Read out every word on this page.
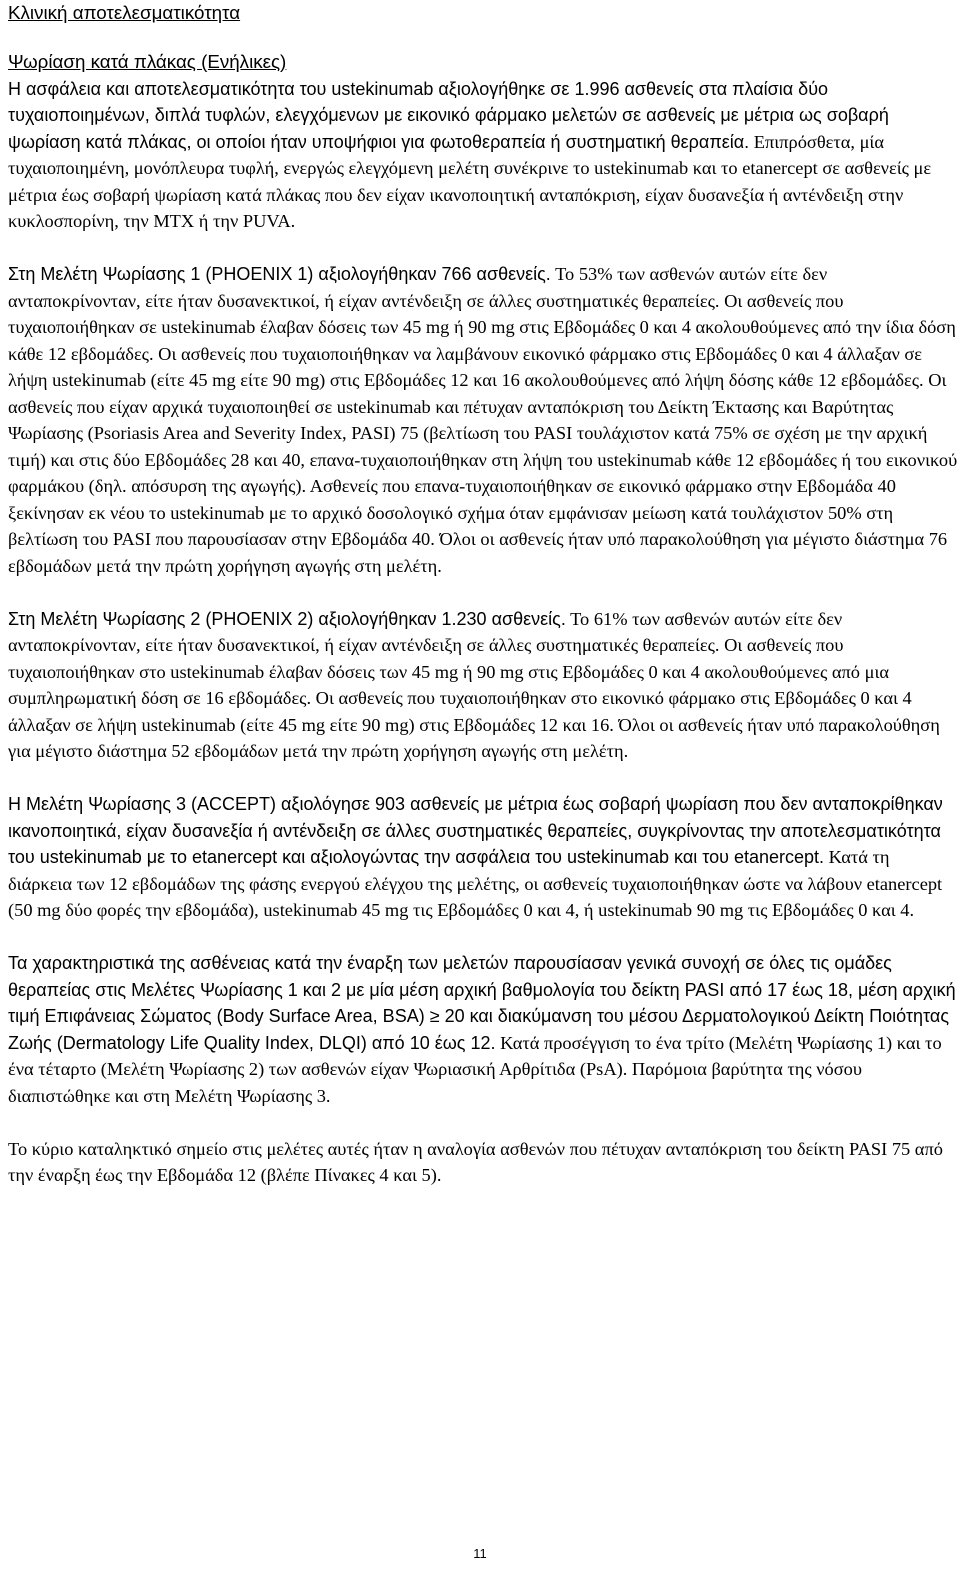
Κλινική αποτελεσματικότητα
Ψωρίαση κατά πλάκας (Ενήλικες)

Η ασφάλεια και αποτελεσματικότητα του ustekinumab αξιολογήθηκε σε 1.996 ασθενείς στα πλαίσια δύο τυχαιοποιημένων, διπλά τυφλών, ελεγχόμενων με εικονικό φάρμακο μελετών σε ασθενείς με μέτρια ως σοβαρή ψωρίαση κατά πλάκας, οι οποίοι ήταν υποψήφιοι για φωτοθεραπεία ή συστηματική θεραπεία. Επιπρόσθετα, μία τυχαιοποιημένη, μονόπλευρα τυφλή, ενεργώς ελεγχόμενη μελέτη συνέκρινε το ustekinumab και το etanercept σε ασθενείς με μέτρια έως σοβαρή ψωρίαση κατά πλάκας που δεν είχαν ικανοποιητική ανταπόκριση, είχαν δυσανεξία ή αντένδειξη στην κυκλοσπορίνη, την MTX ή την PUVA.

Στη Μελέτη Ψωρίασης 1 (PHOENIX 1) αξιολογήθηκαν 766 ασθενείς. Το 53% των ασθενών αυτών είτε δεν ανταποκρίνονταν, είτε ήταν δυσανεκτικοί, ή είχαν αντένδειξη σε άλλες συστηματικές θεραπείες. Οι ασθενείς που τυχαιοποιήθηκαν σε ustekinumab έλαβαν δόσεις των 45 mg ή 90 mg στις Εβδομάδες 0 και 4 ακολουθούμενες από την ίδια δόση κάθε 12 εβδομάδες. Οι ασθενείς που τυχαιοποιήθηκαν να λαμβάνουν εικονικό φάρμακο στις Εβδομάδες 0 και 4 άλλαξαν σε λήψη ustekinumab (είτε 45 mg είτε 90 mg) στις Εβδομάδες 12 και 16 ακολουθούμενες από λήψη δόσης κάθε 12 εβδομάδες. Οι ασθενείς που είχαν αρχικά τυχαιοποιηθεί σε ustekinumab και πέτυχαν ανταπόκριση του Δείκτη Έκτασης και Βαρύτητας Ψωρίασης (Psoriasis Area and Severity Index, PASI) 75 (βελτίωση του PASI τουλάχιστον κατά 75% σε σχέση με την αρχική τιμή) και στις δύο Εβδομάδες 28 και 40, επανα-τυχαιοποιήθηκαν στη λήψη του ustekinumab κάθε 12 εβδομάδες ή του εικονικού φαρμάκου (δηλ. απόσυρση της αγωγής). Ασθενείς που επανα-τυχαιοποιήθηκαν σε εικονικό φάρμακο στην Εβδομάδα 40 ξεκίνησαν εκ νέου το ustekinumab με το αρχικό δοσολογικό σχήμα όταν εμφάνισαν μείωση κατά τουλάχιστον 50% στη βελτίωση του PASI που παρουσίασαν στην Εβδομάδα 40. Όλοι οι ασθενείς ήταν υπό παρακολούθηση για μέγιστο διάστημα 76 εβδομάδων μετά την πρώτη χορήγηση αγωγής στη μελέτη.

Στη Μελέτη Ψωρίασης 2 (PHOENIX 2) αξιολογήθηκαν 1.230 ασθενείς. Το 61% των ασθενών αυτών είτε δεν ανταποκρίνονταν, είτε ήταν δυσανεκτικοί, ή είχαν αντένδειξη σε άλλες συστηματικές θεραπείες. Οι ασθενείς που τυχαιοποιήθηκαν στο ustekinumab έλαβαν δόσεις των 45 mg ή 90 mg στις Εβδομάδες 0 και 4 ακολουθούμενες από μια συμπληρωματική δόση σε 16 εβδομάδες. Οι ασθενείς που τυχαιοποιήθηκαν στο εικονικό φάρμακο στις Εβδομάδες 0 και 4 άλλαξαν σε λήψη ustekinumab (είτε 45 mg είτε 90 mg) στις Εβδομάδες 12 και 16. Όλοι οι ασθενείς ήταν υπό παρακολούθηση για μέγιστο διάστημα 52 εβδομάδων μετά την πρώτη χορήγηση αγωγής στη μελέτη.

Η Μελέτη Ψωρίασης 3 (ACCEPT) αξιολόγησε 903 ασθενείς με μέτρια έως σοβαρή ψωρίαση που δεν ανταποκρίθηκαν ικανοποιητικά, είχαν δυσανεξία ή αντένδειξη σε άλλες συστηματικές θεραπείες, συγκρίνοντας την αποτελεσματικότητα του ustekinumab με το etanercept και αξιολογώντας την ασφάλεια του ustekinumab και του etanercept. Κατά τη διάρκεια των 12 εβδομάδων της φάσης ενεργού ελέγχου της μελέτης, οι ασθενείς τυχαιοποιήθηκαν ώστε να λάβουν etanercept (50 mg δύο φορές την εβδομάδα), ustekinumab 45 mg τις Εβδομάδες 0 και 4, ή ustekinumab 90 mg τις Εβδομάδες 0 και 4.

Τα χαρακτηριστικά της ασθένειας κατά την έναρξη των μελετών παρουσίασαν γενικά συνοχή σε όλες τις ομάδες θεραπείας στις Μελέτες Ψωρίασης 1 και 2 με μία μέση αρχική βαθμολογία του δείκτη PASI από 17 έως 18, μέση αρχική τιμή Επιφάνειας Σώματος (Body Surface Area, BSA) ≥ 20 και διακύμανση του μέσου Δερματολογικού Δείκτη Ποιότητας Ζωής (Dermatology Life Quality Index, DLQI) από 10 έως 12. Κατά προσέγγιση το ένα τρίτο (Μελέτη Ψωρίασης 1) και το ένα τέταρτο (Μελέτη Ψωρίασης 2) των ασθενών είχαν Ψωριασική Αρθρίτιδα (PsA). Παρόμοια βαρύτητα της νόσου διαπιστώθηκε και στη Μελέτη Ψωρίασης 3.

Το κύριο καταληκτικό σημείο στις μελέτες αυτές ήταν η αναλογία ασθενών που πέτυχαν ανταπόκριση του δείκτη PASI 75 από την έναρξη έως την Εβδομάδα 12 (βλέπε Πίνακες 4 και 5).

11
